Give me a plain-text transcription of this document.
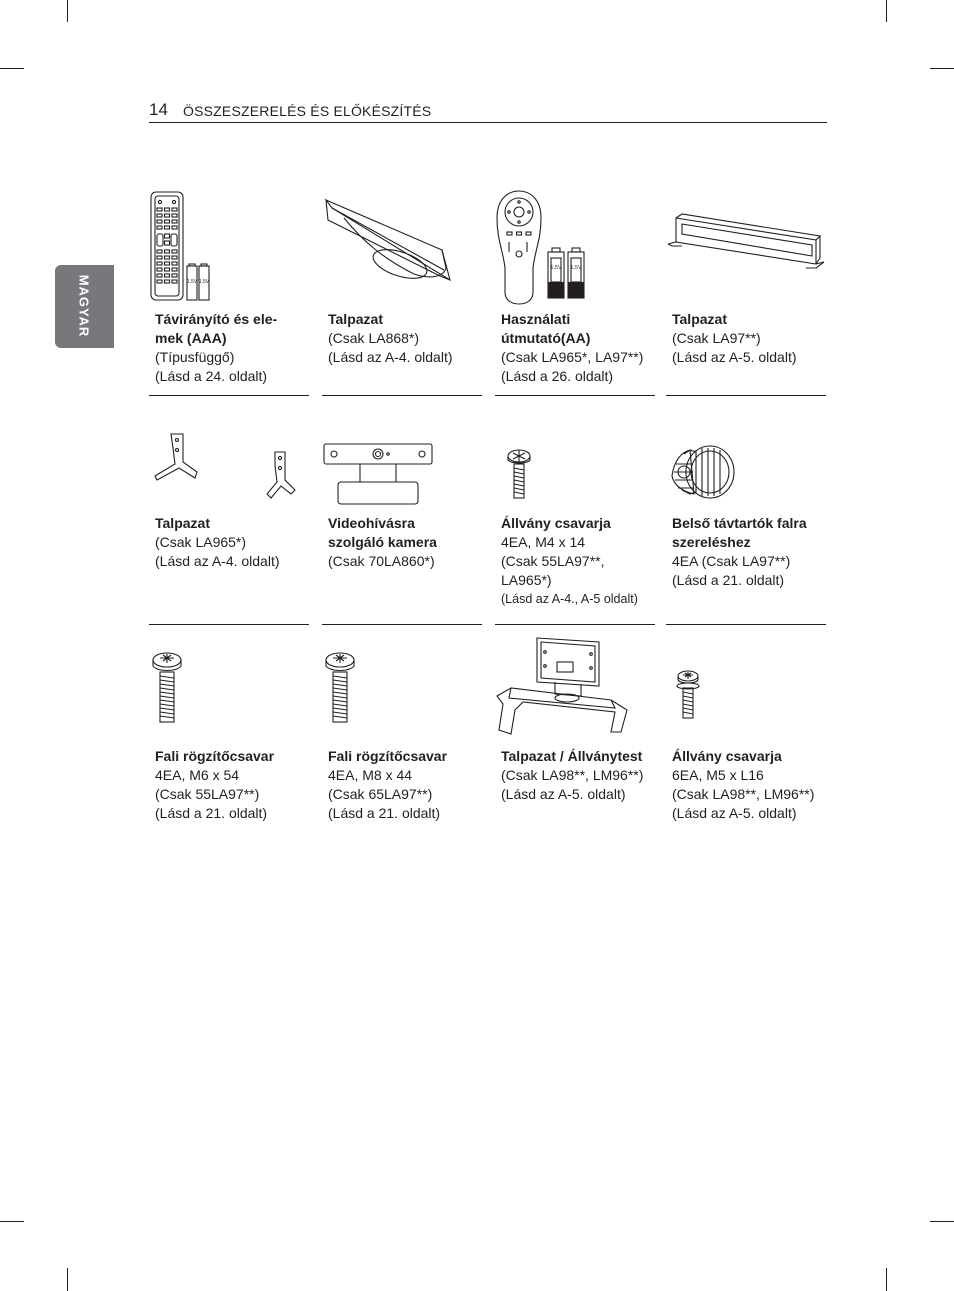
14 ÖSSZESZERELÉS ÉS ELŐKÉSZÍTÉS
MAGYAR	1.5V 1.5V
Távirányító és ele-
mek (AAA)
(Típusfüggő)
(Lásd a 24. oldalt)
Talpazat
(Csak LA868*)
(Lásd az A-4. oldalt)
1,5V 1,5V
Használati
útmutató(AA)
(Csak LA965*, LA97**)
(Lásd a 26. oldalt)
Talpazat
(Csak LA97**)
(Lásd az A-5. oldalt)
Talpazat
(Csak LA965*)
(Lásd az A-4. oldalt)
Videohívásra
szolgáló kamera
(Csak 70LA860*)
Állvány csavarja
4EA, M4 x 14
(Csak 55LA97**,
LA965*)
(Lásd az A-4., A-5 oldalt)
Belső távtartók falra
szereléshez
4EA (Csak LA97**)
(Lásd a 21. oldalt)
Fali rögzítőcsavar
4EA, M6 x 54
(Csak 55LA97**)
(Lásd a 21. oldalt)
Fali rögzítőcsavar
4EA, M8 x 44
(Csak 65LA97**)
(Lásd a 21. oldalt)
Talpazat / Állványtest
(Csak LA98**, LM96**)
(Lásd az A-5. oldalt)
Állvány csavarja
6EA, M5 x L16
(Csak LA98**, LM96**)
(Lásd az A-5. oldalt)
